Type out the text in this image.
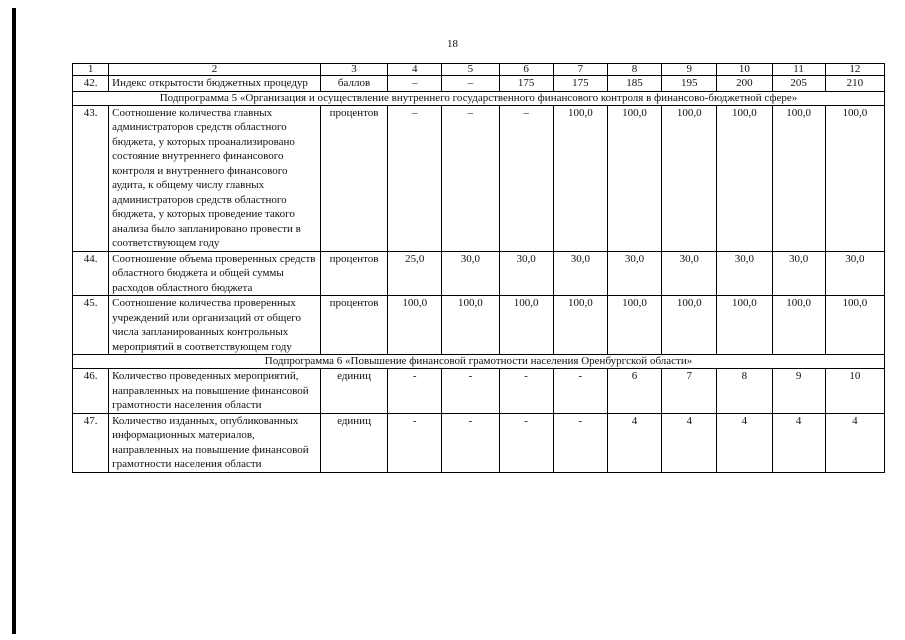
18
1	2	3	4	5	6	7	8	9	10	11	12
42.	Индекс открытости бюджетных процедур	баллов	–	–	175	175	185	195	200	205	210
Подпрограмма 5 «Организация и осуществление внутреннего государственного финансового контроля в финансово-бюджетной сфере»											
43.	Соотношение количества главных администраторов средств областного бюджета, у которых проанализировано состояние внутреннего финансового контроля и внутреннего финансового аудита, к общему числу главных администраторов средств областного бюджета, у которых проведение такого анализа было запланировано провести в соответствующем году	процентов	–	–	–	100,0	100,0	100,0	100,0	100,0	100,0
44.	Соотношение объема проверенных средств областного бюджета и общей суммы расходов областного бюджета	процентов	25,0	30,0	30,0	30,0	30,0	30,0	30,0	30,0	30,0
45.	Соотношение количества проверенных учреждений или организаций от общего числа запланированных контрольных мероприятий в соответствующем году	процентов	100,0	100,0	100,0	100,0	100,0	100,0	100,0	100,0	100,0
Подпрограмма 6 «Повышение финансовой грамотности населения Оренбургской области»											
46.	Количество проведенных мероприятий, направленных на повышение финансовой грамотности населения области	единиц	-	-	-	-	6	7	8	9	10
47.	Количество изданных, опубликованных информационных материалов, направленных на повышение финансовой грамотности населения области	единиц	-	-	-	-	4	4	4	4	4
